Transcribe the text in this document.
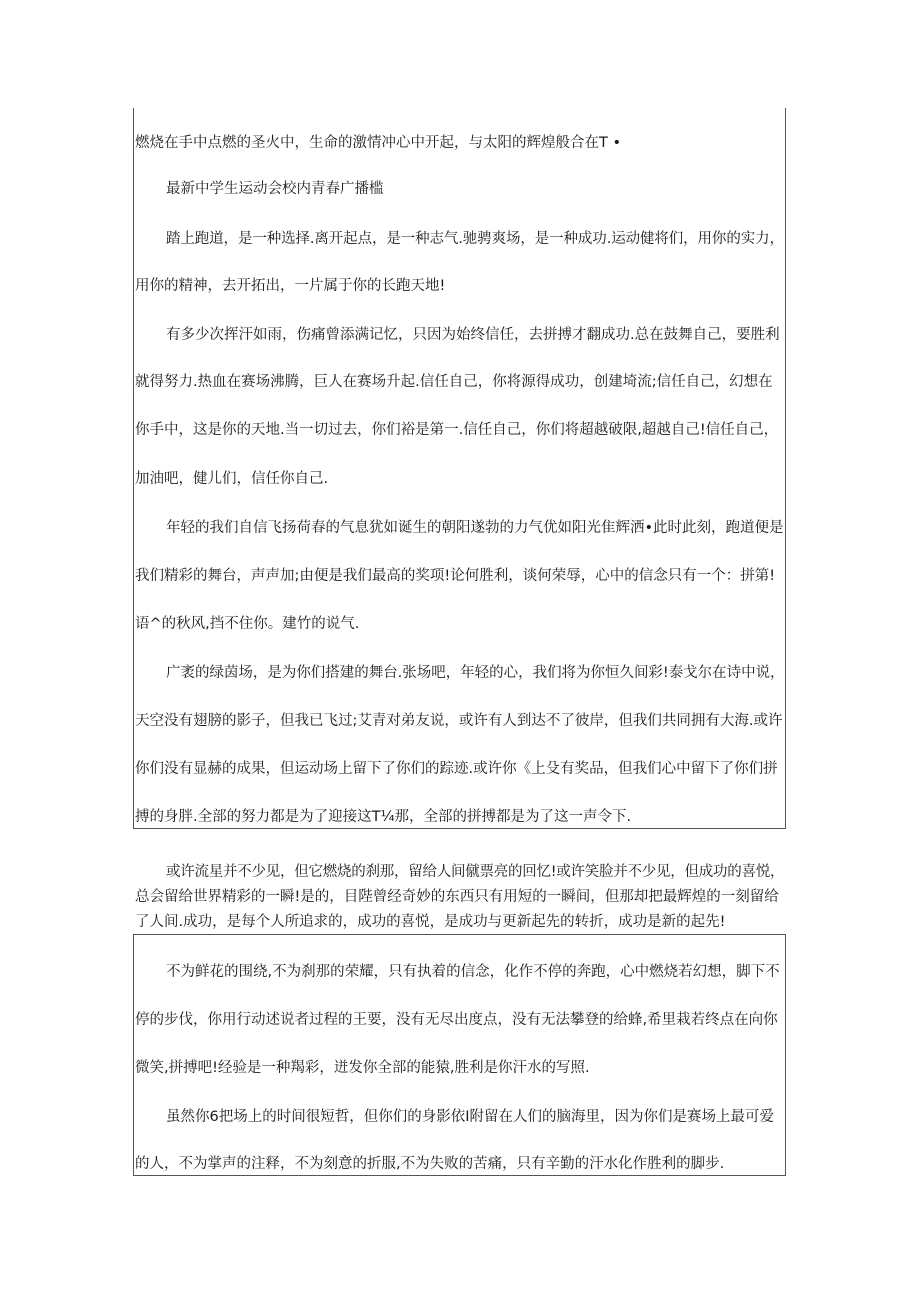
燃烧在手中点燃的圣火中，生命的激情冲心中开起，与太阳的辉煌般合在T •
最新中学生运动会校内青春广播槛
踏上跑道，是一种选择.离开起点，是一种志气.驰骋爽场，是一种成功.运动健将们，用你的实力，
用你的精神，去开拓出，一片属于你的长跑天地!
有多少次挥汗如雨，伤痛曾添满记忆，只因为始终信任，去拼搏才翻成功.总在鼓舞自己，要胜利
就得努力.热血在赛场沸腾，巨人在赛场升起.信任自己，你将源得成功，创建埼流;信任自己，幻想在
你手中，这是你的天地.当一切过去，你们裕是第一.信任自己，你们将超越破限,超越自己!信任自己，
加油吧，健儿们，信任你自己.
年轻的我们自信飞扬荷春的气息犹如诞生的朝阳遂勃的力气优如阳光隹辉洒•此时此刻，跑道便是
我们精彩的舞台，声声加;由便是我们最高的奖项!论何胜利，谈何荣辱，心中的信念只有一个：拼第!
语^的秋风,挡不住你。建竹的说气.
广袤的绿茵场，是为你们搭建的舞台.张场吧，年轻的心，我们将为你恒久间彩!泰戈尔在诗中说，
天空没有翅膀的影子，但我已飞过;艾青对弟友说，或许有人到达不了彼岸，但我们共同拥有大海.或许
你们没有显赫的成果，但运动场上留下了你们的踪迹.或许你《上殳有奖品，但我们心中留下了你们拼
搏的身胖.全部的努力都是为了迎接这T¼那，全部的拼搏都是为了这一声令下.
或许流星并不少见，但它燃烧的刹那，留给人间僦票亮的回忆!或许笑脸并不少见，但成功的喜悦，
总会留给世界精彩的一瞬!是的，目陛曾经奇妙的东西只有用短的一瞬间，但那却把最辉煌的一刻留给
了人间.成功，是每个人所追求的，成功的喜悦，是成功与更新起先的转折，成功是新的起先!
不为鲜花的围绕,不为刹那的荣耀，只有执着的信念，化作不停的奔跑，心中燃烧若幻想，脚下不
停的步伐，你用行动述说者过程的王要，没有无尽出度点，没有无法攀登的给蜂,希里栽若终点在向你
微笑,拼搏吧!经验是一种羯彩，迸发你全部的能猿,胜利是你汗水的写照.
虽然你6把场上的时间很短哲，但你们的身影依I附留在人们的脑海里，因为你们是赛场上最可爱
的人，不为掌声的注释，不为刻意的折服,不为失败的苦痛，只有辛勤的汗水化作胜利的脚步.
